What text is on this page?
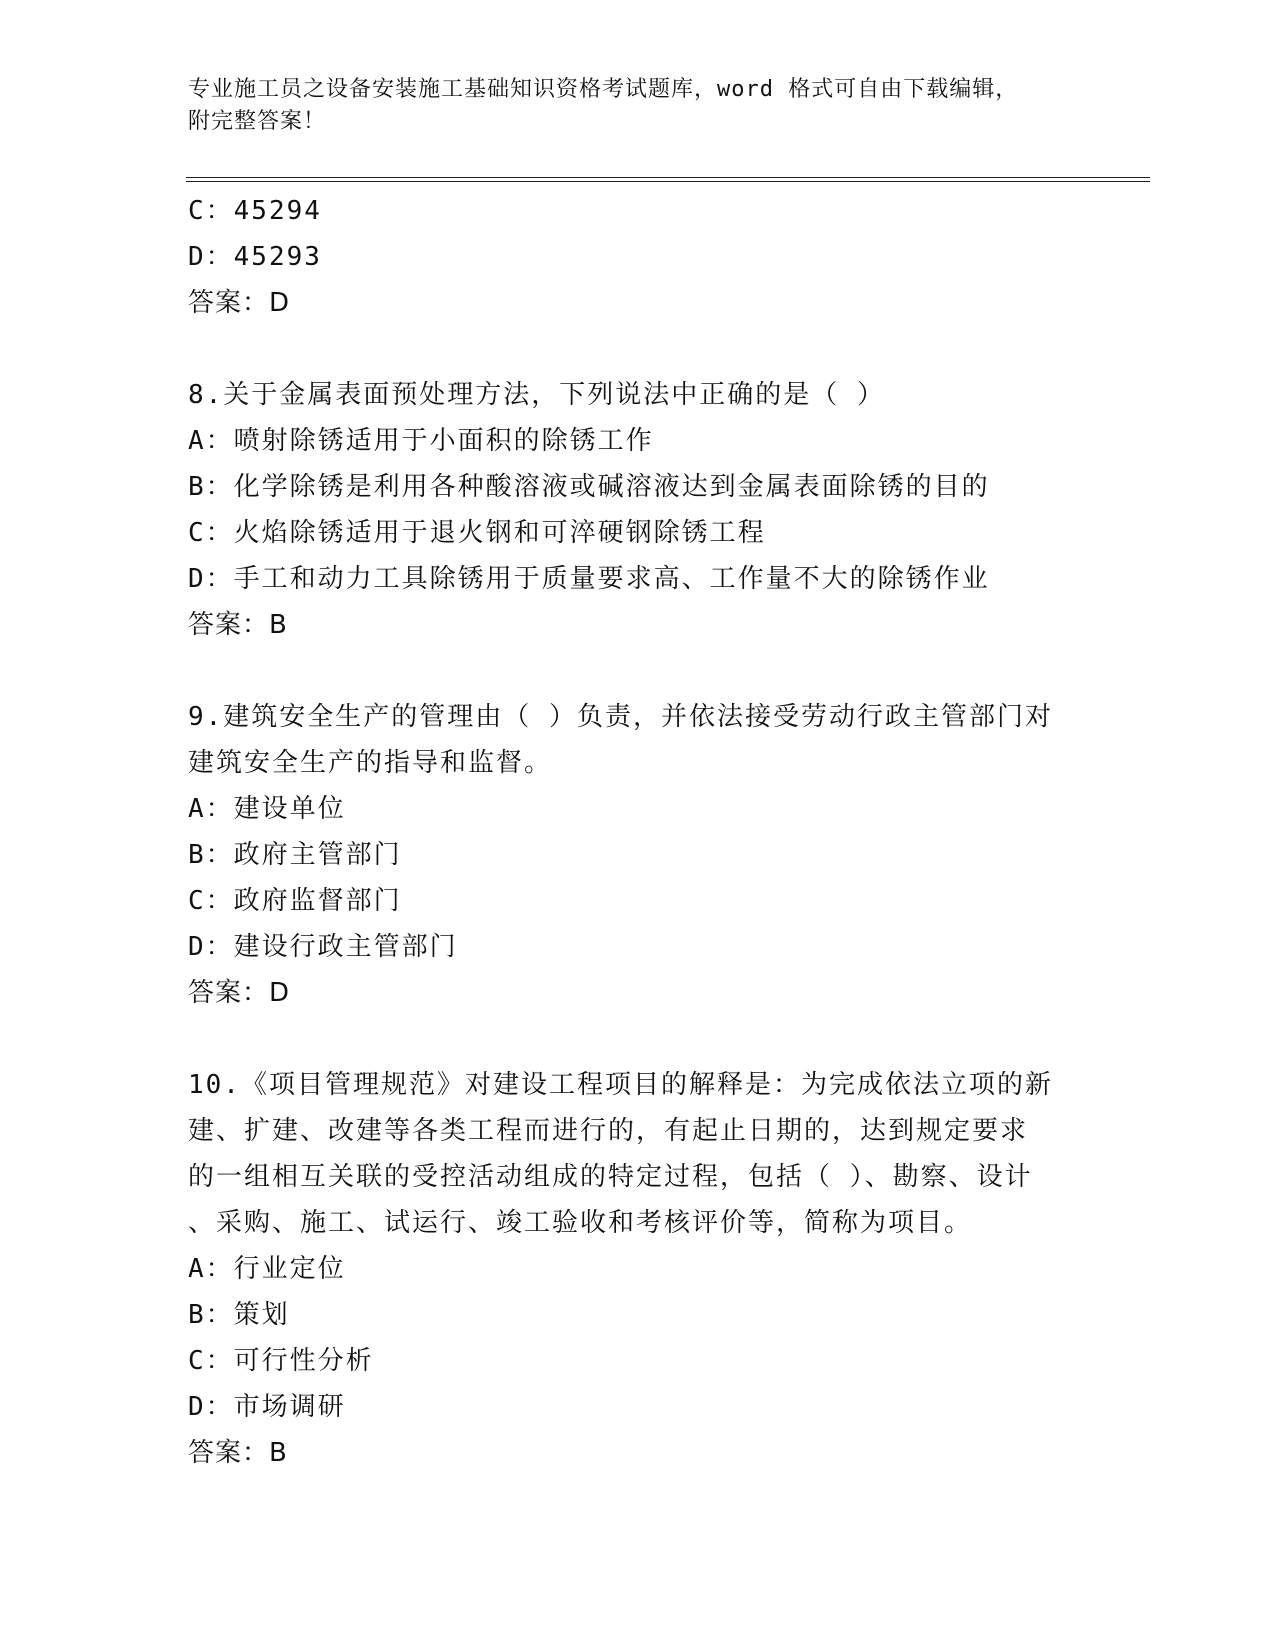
专业施工员之设备安装施工基础知识资格考试题库，word 格式可自由下载编辑，
附完整答案！
C：45294
D：45293
答案：D
8.关于金属表面预处理方法，下列说法中正确的是（ ）
A：喷射除锈适用于小面积的除锈工作
B：化学除锈是利用各种酸溶液或碱溶液达到金属表面除锈的目的
C：火焰除锈适用于退火钢和可淬硬钢除锈工程
D：手工和动力工具除锈用于质量要求高、工作量不大的除锈作业
答案：B
9.建筑安全生产的管理由（ ）负责，并依法接受劳动行政主管部门对
建筑安全生产的指导和监督。
A：建设单位
B：政府主管部门
C：政府监督部门
D：建设行政主管部门
答案：D
10.《项目管理规范》对建设工程项目的解释是：为完成依法立项的新
建、扩建、改建等各类工程而进行的，有起止日期的，达到规定要求
的一组相互关联的受控活动组成的特定过程，包括（ ）、勘察、设计
、采购、施工、试运行、竣工验收和考核评价等，简称为项目。
A：行业定位
B：策划
C：可行性分析
D：市场调研
答案：B
